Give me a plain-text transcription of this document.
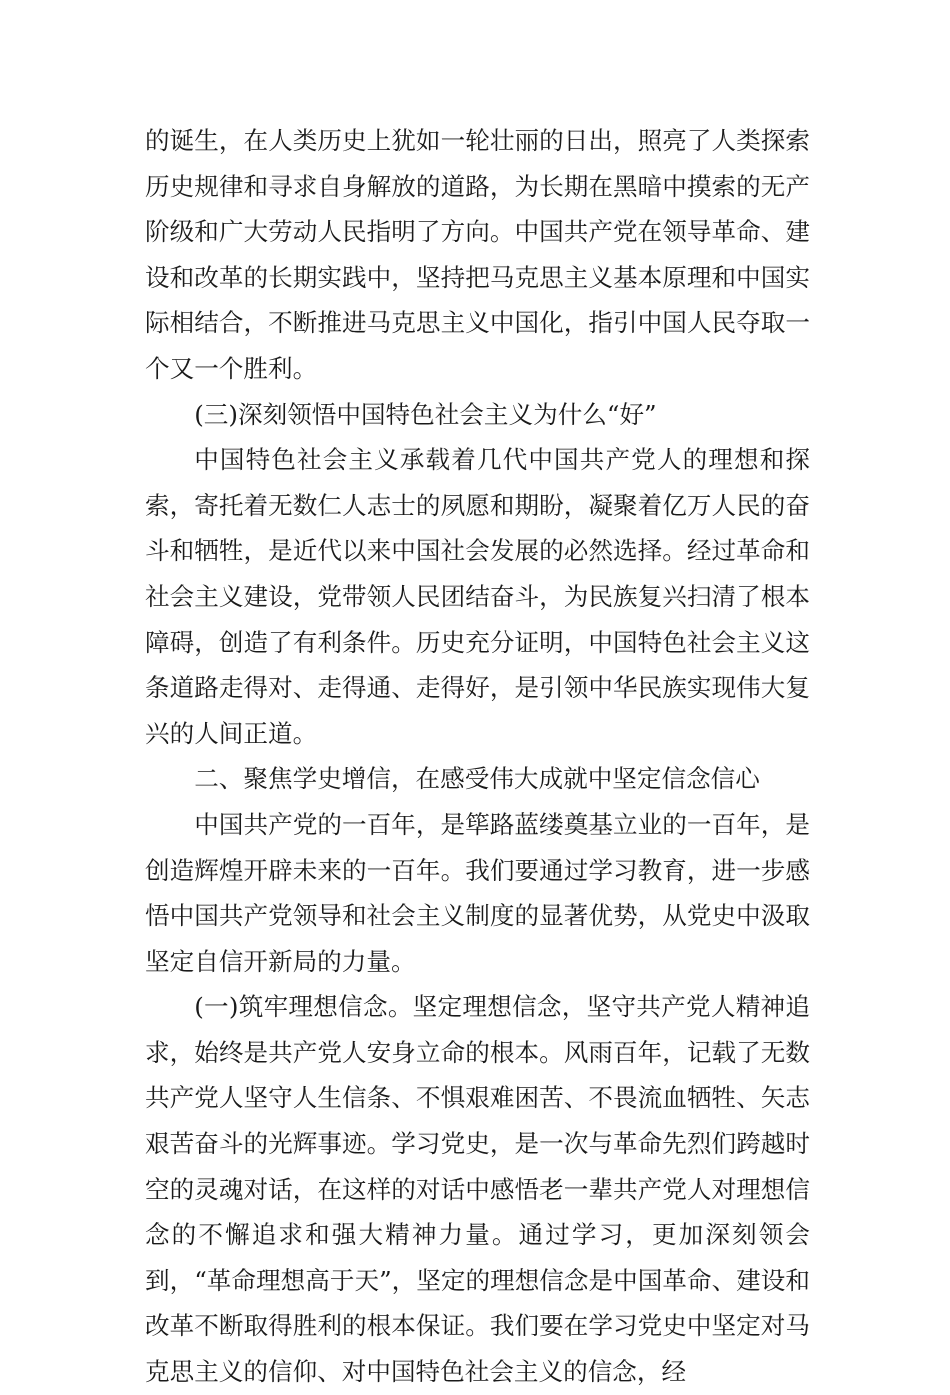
的诞生，在人类历史上犹如一轮壮丽的日出，照亮了人类探索历史规律和寻求自身解放的道路，为长期在黑暗中摸索的无产阶级和广大劳动人民指明了方向。中国共产党在领导革命、建设和改革的长期实践中，坚持把马克思主义基本原理和中国实际相结合，不断推进马克思主义中国化，指引中国人民夺取一个又一个胜利。

(三)深刻领悟中国特色社会主义为什么“好”

中国特色社会主义承载着几代中国共产党人的理想和探索，寄托着无数仁人志士的夙愿和期盼，凝聚着亿万人民的奋斗和牺牲，是近代以来中国社会发展的必然选择。经过革命和社会主义建设，党带领人民团结奋斗，为民族复兴扫清了根本障碍，创造了有利条件。历史充分证明，中国特色社会主义这条道路走得对、走得通、走得好，是引领中华民族实现伟大复兴的人间正道。

二、聚焦学史增信，在感受伟大成就中坚定信念信心

中国共产党的一百年，是筚路蓝缕奠基立业的一百年，是创造辉煌开辟未来的一百年。我们要通过学习教育，进一步感悟中国共产党领导和社会主义制度的显著优势，从党史中汲取坚定自信开新局的力量。

(一)筑牢理想信念。坚定理想信念，坚守共产党人精神追求，始终是共产党人安身立命的根本。风雨百年，记载了无数共产党人坚守人生信条、不惧艰难困苦、不畏流血牺牲、矢志艰苦奋斗的光辉事迹。学习党史，是一次与革命先烈们跨越时空的灵魂对话，在这样的对话中感悟老一辈共产党人对理想信念的不懈追求和强大精神力量。通过学习，更加深刻领会到，“革命理想高于天”，坚定的理想信念是中国革命、建设和改革不断取得胜利的根本保证。我们要在学习党史中坚定对马克思主义的信仰、对中国特色社会主义的信念，经
